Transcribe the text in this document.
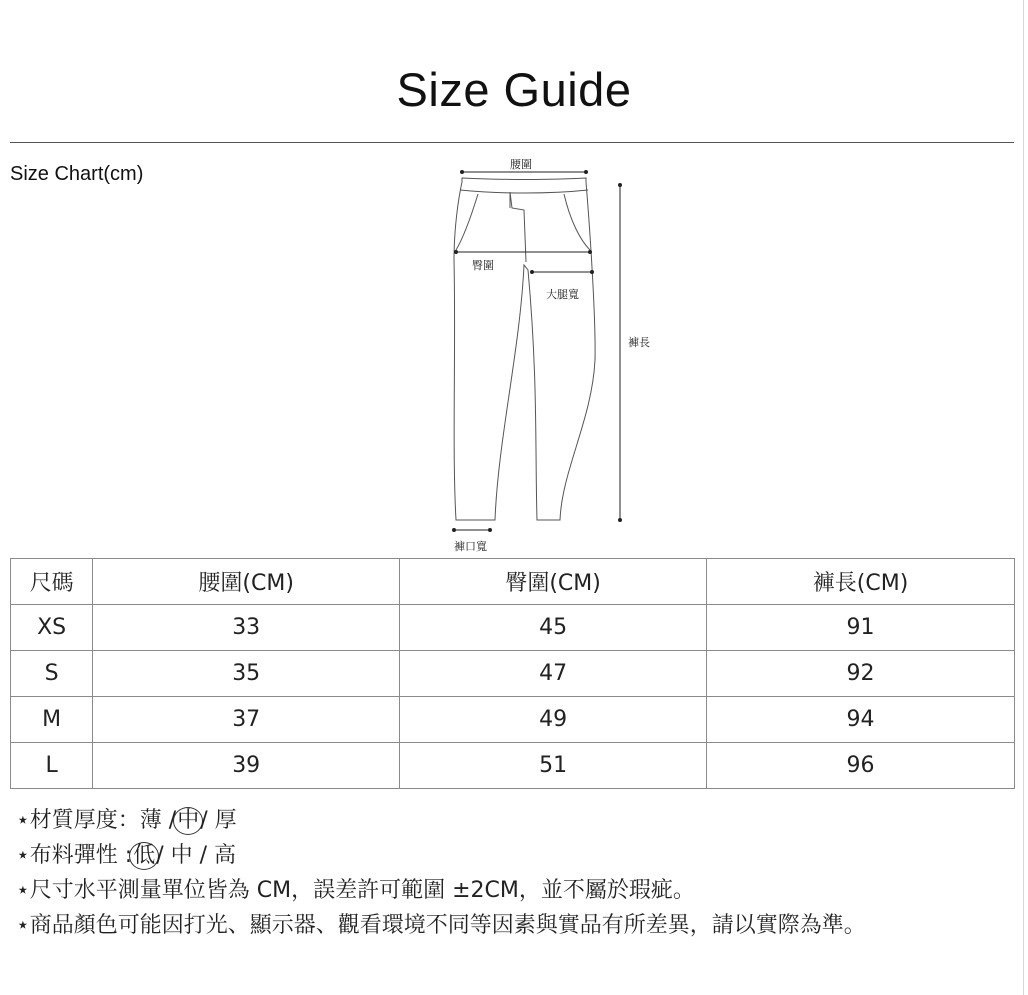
Size Guide
Size Chart(cm)	腰圍
臀圍
大腿寬
褲長
褲口寬
尺碼	腰圍(CM)	臀圍(CM)	褲長(CM)
XS	33	45	91
S	35	47	92
M	37	49	94
L	39	51	96
⋆材質厚度：薄 /中/ 厚
⋆布料彈性 :低/ 中 / 高
⋆尺寸水平測量單位皆為 CM，誤差許可範圍 ±2CM，並不屬於瑕疵。
⋆商品顏色可能因打光、顯示器、觀看環境不同等因素與實品有所差異，請以實際為準。
